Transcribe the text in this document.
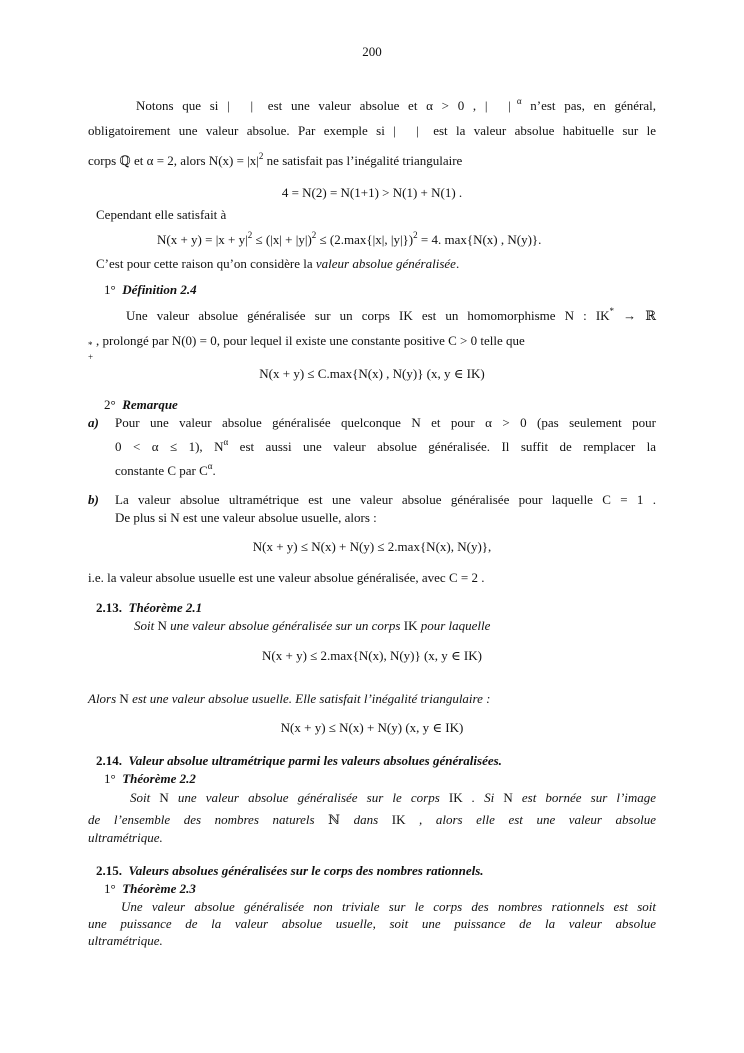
200
Notons que si | | est une valeur absolue et α > 0 , | $|^\alpha$ n’est pas, en général,
obligatoirement une valeur absolue. Par exemple si | | est la valeur absolue habituelle sur le
corps ℚ et α = 2, alors $N(x) = |x|^2$ ne satisfait pas l’inégalité triangulaire
4 = N(2) = N(1+1) > N(1) + N(1) .
Cependant elle satisfait à
$N(x + y) = |x + y|^2 \le (|x| + |y|)^2 \le (2.\max\{|x|$, |y|})$^2$ = 4. max{N(x) , N(y)}.
C’est pour cette raison qu’on considère la valeur absolue généralisée.
1° Définition 2.4
Une valeur absolue généralisée sur un corps IK est un homomorphisme N : IK* → ℝ
*
+
, prolongé par N(0) = 0, pour lequel il existe une constante positive C > 0 telle que
N(x + y) ≤ C.max{N(x) , N(y)} (x, y ∈ IK)
2° Remarque
a) Pour une valeur absolue généralisée quelconque N et pour α > 0 (pas seulement pour
0 < α ≤ 1), $N^\alpha$ est aussi une valeur absolue généralisée. Il suffit de remplacer la
constante C par $C^\alpha$.
b) La valeur absolue ultramétrique est une valeur absolue généralisée pour laquelle C = 1 .
De plus si N est une valeur absolue usuelle, alors :
N(x + y) ≤ N(x) + N(y) ≤ 2.max{N(x), N(y)},
i.e. la valeur absolue usuelle est une valeur absolue généralisée, avec C = 2 .
2.13. Théorème 2.1
Soit N une valeur absolue généralisée sur un corps IK pour laquelle
N(x + y) ≤ 2.max{N(x), N(y)} (x, y ∈ IK)
Alors N est une valeur absolue usuelle. Elle satisfait l’inégalité triangulaire :
N(x + y) ≤ N(x) + N(y) (x, y ∈ IK)
2.14. Valeur absolue ultramétrique parmi les valeurs absolues généralisées.
1° Théorème 2.2
Soit N une valeur absolue généralisée sur le corps IK . Si N est bornée sur l’image
de l’ensemble des nombres naturels ℕ dans IK , alors elle est une valeur absolue
ultramétrique.
2.15. Valeurs absolues généralisées sur le corps des nombres rationnels.
1° Théorème 2.3
Une valeur absolue généralisée non triviale sur le corps des nombres rationnels est soit
une puissance de la valeur absolue usuelle, soit une puissance de la valeur absolue
ultramétrique.
